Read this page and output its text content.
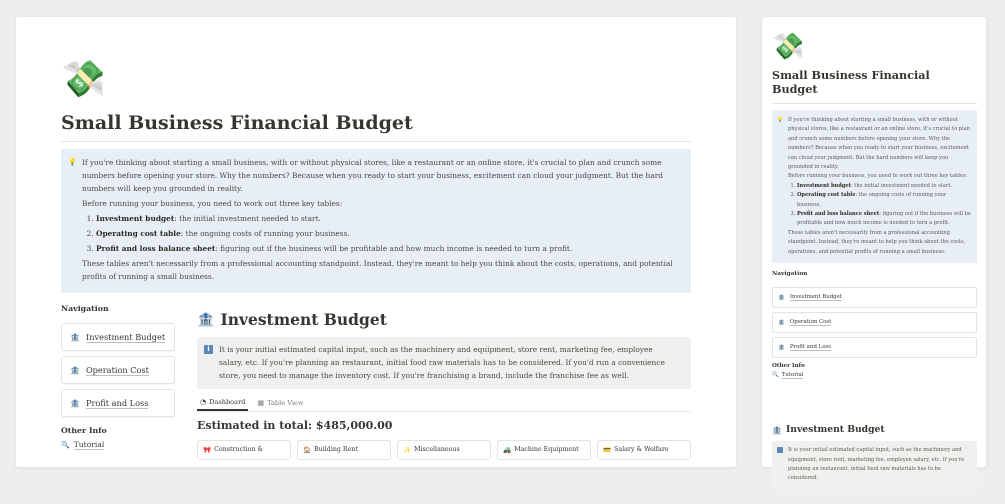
💸
Small Business Financial Budget
💡 If you're thinking about starting a small business, with or without physical stores, like a restaurant or an online store, it's crucial to plan and crunch some numbers before opening your store. Why the numbers? Because when you ready to start your business, excitement can cloud your judgment. But the hard numbers will keep you grounded in reality.

Before running your business, you need to work out three key tables:

1. Investment budget: the initial investment needed to start.
2. Operating cost table: the ongoing costs of running your business.
3. Profit and loss balance sheet: figuring out if the business will be profitable and how much income is needed to turn a profit.

These tables aren't necessarily from a professional accounting standpoint. Instead, they're meant to help you think about the costs, operations, and potential profits of running a small business.

Navigation
🏦 Investment Budget
🏦 Operation Cost
🏦 Profit and Loss
Other Info
🔍 Tutorial
🏦 Investment Budget
i	It is your initial estimated capital input, such as the machinery and equipment, store rent, marketing fee, employee salary, etc. If you're planning an restaurant, initial food raw materials has to be considered. If you'd run a convenience store, you need to manage the inventory cost. If you're franchising a brand, include the franchise fee as well.
◔ Dashboard ▦ Table View
Estimated in total: $485,000.00
🎀 Construction &	🏠 Building Rent	✨ Miscellaneous	🚜 Machine Equipment	💳 Salary & Welfare
💸
Small Business Financial Budget
💡 If you're thinking about starting a small business, with or without physical stores, like a restaurant or an online store, it's crucial to plan and crunch some numbers before opening your store. Why the numbers? Because when you ready to start your business, excitement can cloud your judgment. But the hard numbers will keep you grounded in reality.

Before running your business, you need to work out three key tables:

1. Investment budget: the initial investment needed to start.
2. Operating cost table: the ongoing costs of running your business.
3. Profit and loss balance sheet: figuring out if the business will be profitable and how much income is needed to turn a profit.

These tables aren't necessarily from a professional accounting standpoint. Instead, they're meant to help you think about the costs, operations, and potential profits of running a small business.

Navigation
🏦 Investment Budget
🏦 Operation Cost
🏦 Profit and Loss
Other Info
🔍 Tutorial
🏦 Investment Budget
It is your initial estimated capital input, such as the machinery and equipment, store rent, marketing fee, employee salary, etc. If you're planning an restaurant, initial food raw materials has to be considered.
